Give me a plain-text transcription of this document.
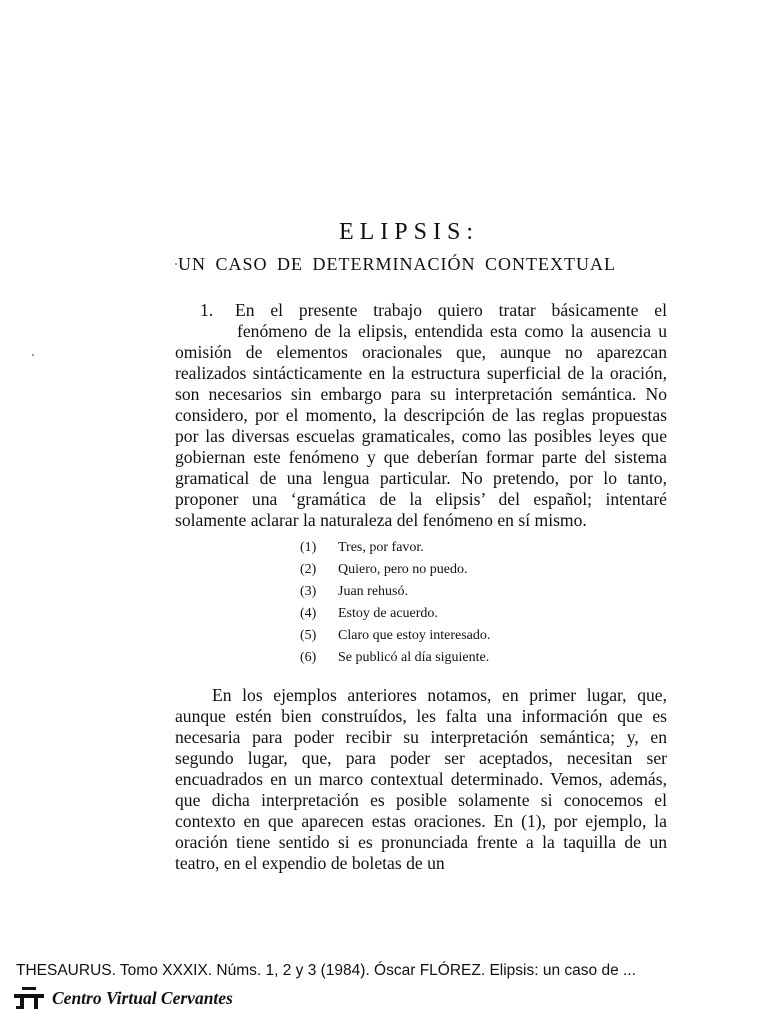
ELIPSIS:
UN CASO DE DETERMINACIÓN CONTEXTUAL
1. En el presente trabajo quiero tratar básicamente el
fenómeno de la elipsis, entendida esta como la ausencia u omisión de elementos oracionales que, aunque no aparezcan realizados sintácticamente en la estructura superficial de la oración, son necesarios sin embargo para su interpretación semántica. No considero, por el momento, la descripción de las reglas propuestas por las diversas escuelas gramaticales, como las posibles leyes que gobiernan este fenómeno y que deberían formar parte del sistema gramatical de una lengua particular. No pretendo, por lo tanto, proponer una ‘gramática de la elipsis’ del español; intentaré solamente aclarar la naturaleza del fenómeno en sí mismo.
(1)	Tres, por favor.
(2)	Quiero, pero no puedo.
(3)	Juan rehusó.
(4)	Estoy de acuerdo.
(5)	Claro que estoy interesado.
(6)	Se publicó al día siguiente.
En los ejemplos anteriores notamos, en primer lugar, que, aunque estén bien construídos, les falta una información que es necesaria para poder recibir su interpretación semántica; y, en segundo lugar, que, para poder ser aceptados, necesitan ser encuadrados en un marco contextual determinado. Vemos, además, que dicha interpretación es posible solamente si conocemos el contexto en que aparecen estas oraciones. En (1), por ejemplo, la oración tiene sentido si es pronunciada frente a la taquilla de un teatro, en el expendio de boletas de un
THESAURUS. Tomo XXXIX. Núms. 1, 2 y 3 (1984). Óscar FLÓREZ. Elipsis: un caso de ...
Centro Virtual Cervantes
